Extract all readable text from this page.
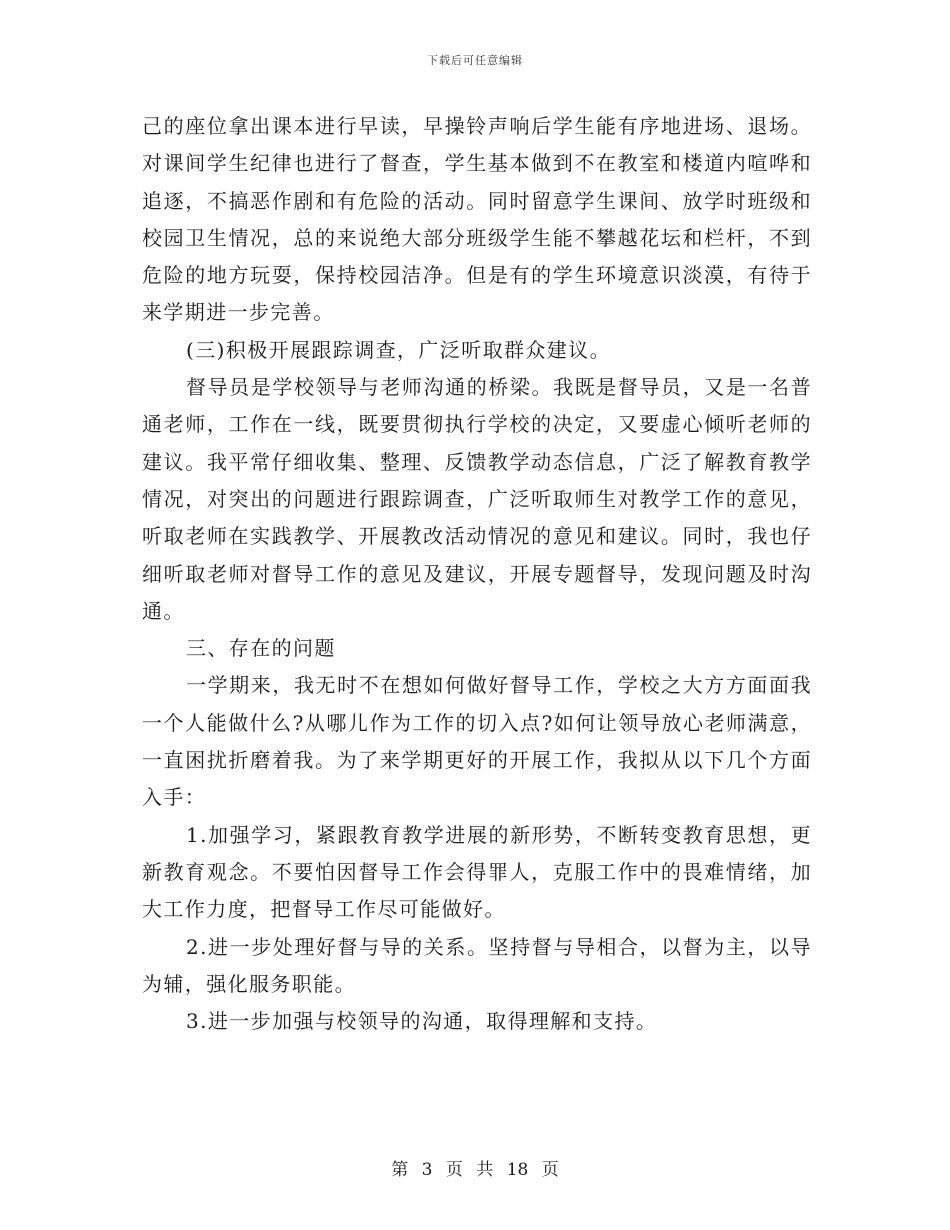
下载后可任意编辑

己的座位拿出课本进行早读，早操铃声响后学生能有序地进场、退场。对课间学生纪律也进行了督查，学生基本做到不在教室和楼道内喧哗和追逐，不搞恶作剧和有危险的活动。同时留意学生课间、放学时班级和校园卫生情况，总的来说绝大部分班级学生能不攀越花坛和栏杆，不到危险的地方玩耍，保持校园洁净。但是有的学生环境意识淡漠，有待于来学期进一步完善。

(三)积极开展跟踪调查，广泛听取群众建议。

督导员是学校领导与老师沟通的桥梁。我既是督导员，又是一名普通老师，工作在一线，既要贯彻执行学校的决定，又要虚心倾听老师的建议。我平常仔细收集、整理、反馈教学动态信息，广泛了解教育教学情况，对突出的问题进行跟踪调查，广泛听取师生对教学工作的意见，听取老师在实践教学、开展教改活动情况的意见和建议。同时，我也仔细听取老师对督导工作的意见及建议，开展专题督导，发现问题及时沟通。

三、存在的问题

一学期来，我无时不在想如何做好督导工作，学校之大方方面面我一个人能做什么?从哪儿作为工作的切入点?如何让领导放心老师满意，一直困扰折磨着我。为了来学期更好的开展工作，我拟从以下几个方面入手：

1.加强学习，紧跟教育教学进展的新形势，不断转变教育思想，更新教育观念。不要怕因督导工作会得罪人，克服工作中的畏难情绪，加大工作力度，把督导工作尽可能做好。

2.进一步处理好督与导的关系。坚持督与导相合，以督为主，以导为辅，强化服务职能。

3.进一步加强与校领导的沟通，取得理解和支持。

第 3 页 共 18 页
